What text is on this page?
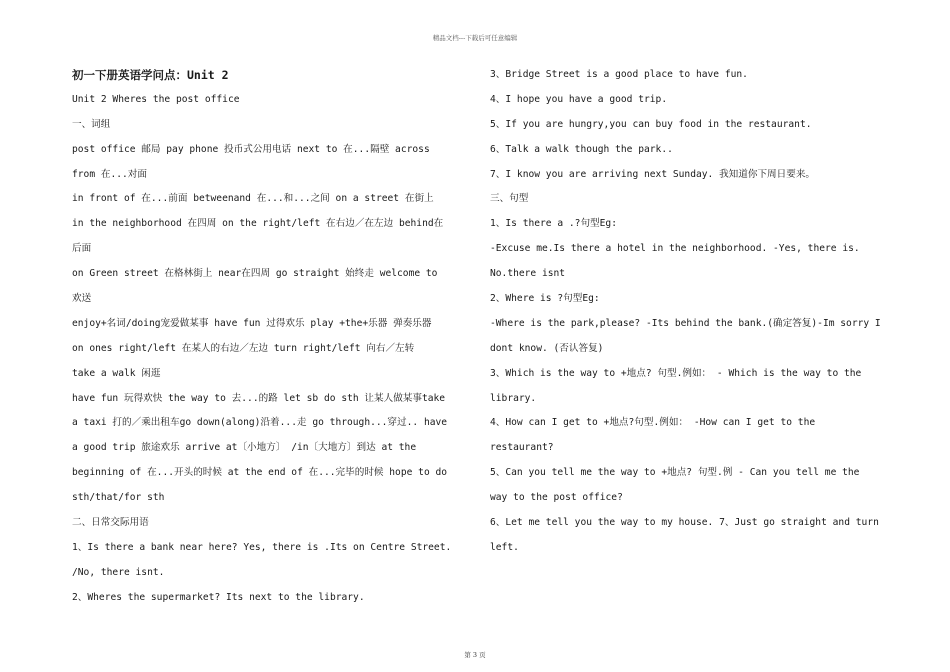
精品文档---下载后可任意编辑
初一下册英语学问点：Unit 2
Unit 2 Wheres the post office
一、词组
post office 邮局 pay phone 投币式公用电话 next to 在...隔壁 across
from 在...对面
in front of 在...前面 betweenand 在...和...之间 on a street 在街上
in the neighborhood 在四周 on the right/left 在右边／在左边 behind在
后面
on Green street 在格林街上 near在四周 go straight 始终走 welcome to
欢送
enjoy+名词/doing宠爱做某事 have fun 过得欢乐 play +the+乐器 弹奏乐器
on ones right/left 在某人的右边／左边 turn right/left 向右／左转
take a walk 闲逛
have fun 玩得欢快 the way to 去...的路 let sb do sth 让某人做某事take
a taxi 打的／乘出租车go down(along)沿着...走 go through...穿过.. have
a good trip 旅途欢乐 arrive at〔小地方〕 /in〔大地方〕到达 at the
beginning of 在...开头的时候 at the end of 在...完毕的时候 hope to do
sth/that/for sth
二、日常交际用语
1、Is there a bank near here? Yes, there is .Its on Centre Street.
/No, there isnt.
2、Wheres the supermarket? Its next to the library.
3、Bridge Street is a good place to have fun.
4、I hope you have a good trip.
5、If you are hungry,you can buy food in the restaurant.
6、Talk a walk though the park..
7、I know you are arriving next Sunday. 我知道你下周日要来。
三、句型
1、Is there a .?句型Eg:
-Excuse me.Is there a hotel in the neighborhood. -Yes, there is.
No.there isnt
2、Where is ?句型Eg:
-Where is the park,please? -Its behind the bank.(确定答复)-Im sorry I
dont know. (否认答复)
3、Which is the way to +地点? 句型.例如： - Which is the way to the
library.
4、How can I get to +地点?句型.例如： -How can I get to the
restaurant?
5、Can you tell me the way to +地点? 句型.例 - Can you tell me the
way to the post office?
6、Let me tell you the way to my house. 7、Just go straight and turn
left.
第 3 页
